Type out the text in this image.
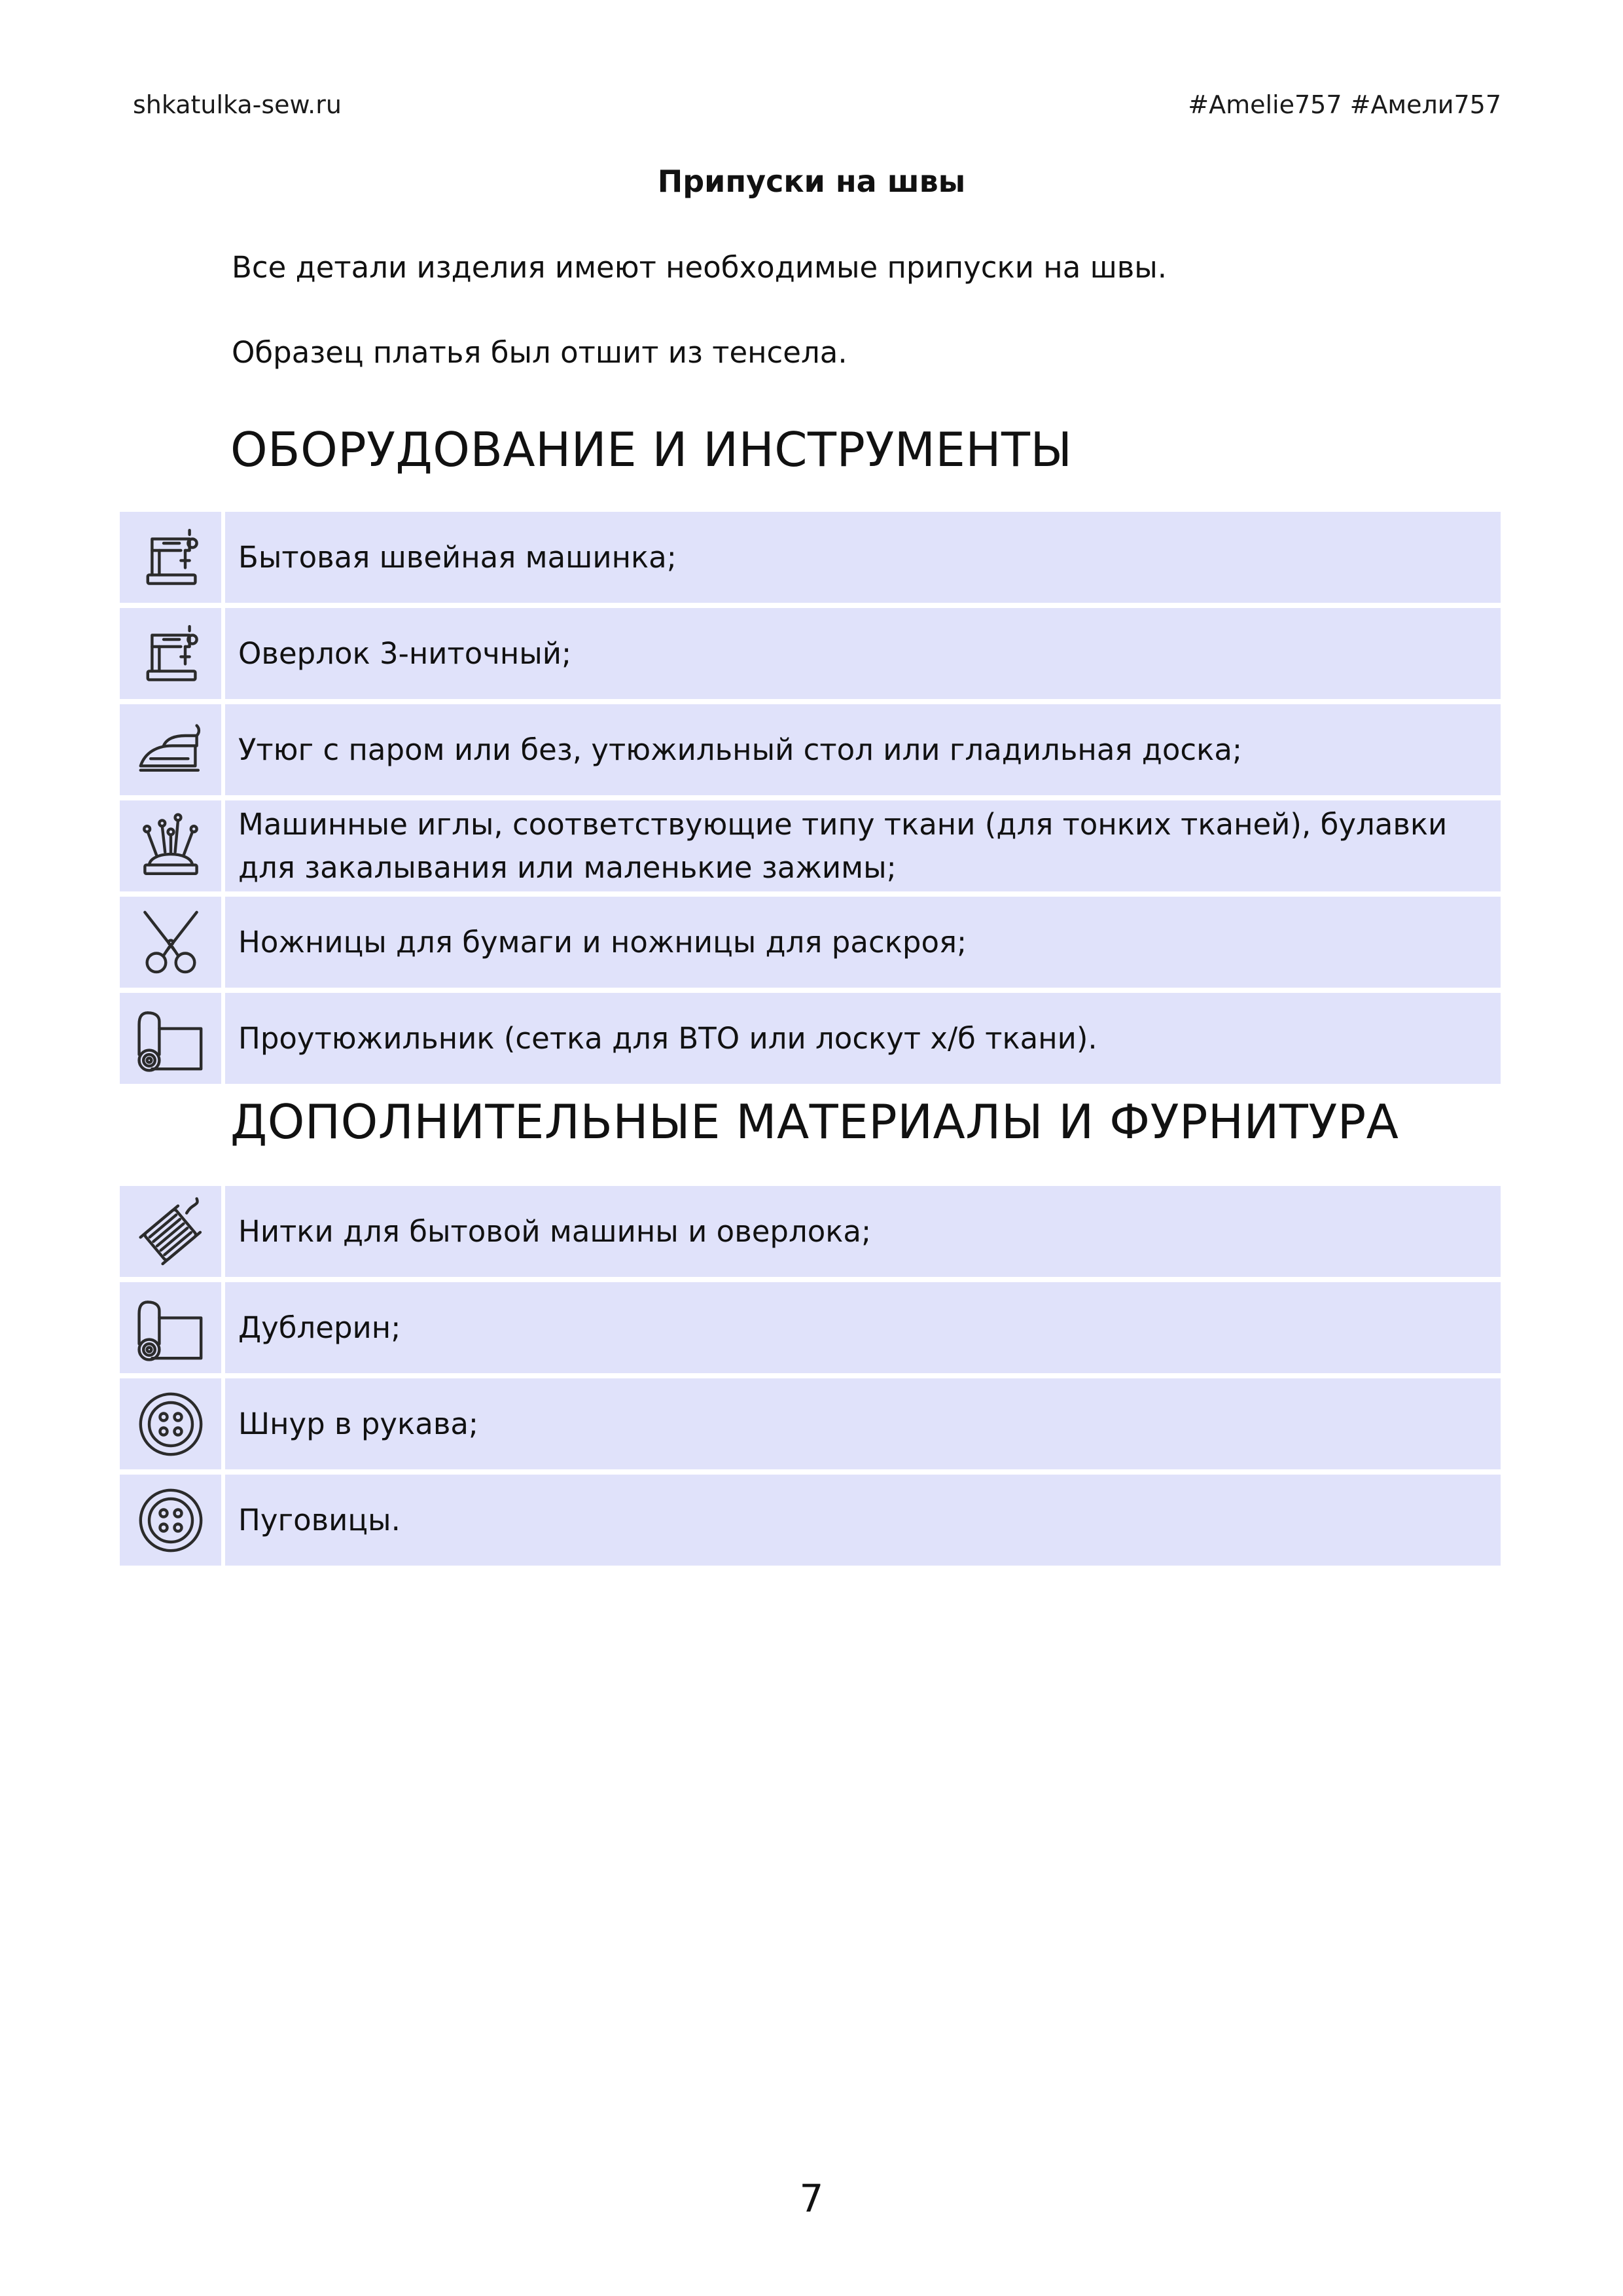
shkatulka-sew.ru	#Amelie757 #Амели757
Припуски на швы
Все детали изделия имеют необходимые припуски на швы.
Образец платья был отшит из тенсела.
ОБОРУДОВАНИЕ И ИНСТРУМЕНТЫ
Бытовая швейная машинка;
Оверлок 3-ниточный;
Утюг с паром или без, утюжильный стол или гладильная доска;
Машинные иглы, соответствующие типу ткани (для тонких тканей), булавки для закалывания или маленькие зажимы;
Ножницы для бумаги и ножницы для раскроя;
Проутюжильник (сетка для ВТО или лоскут х/б ткани).
ДОПОЛНИТЕЛЬНЫЕ МАТЕРИАЛЫ И ФУРНИТУРА
Нитки для бытовой машины и оверлока;
Дублерин;
Шнур в рукава;
Пуговицы.
7
